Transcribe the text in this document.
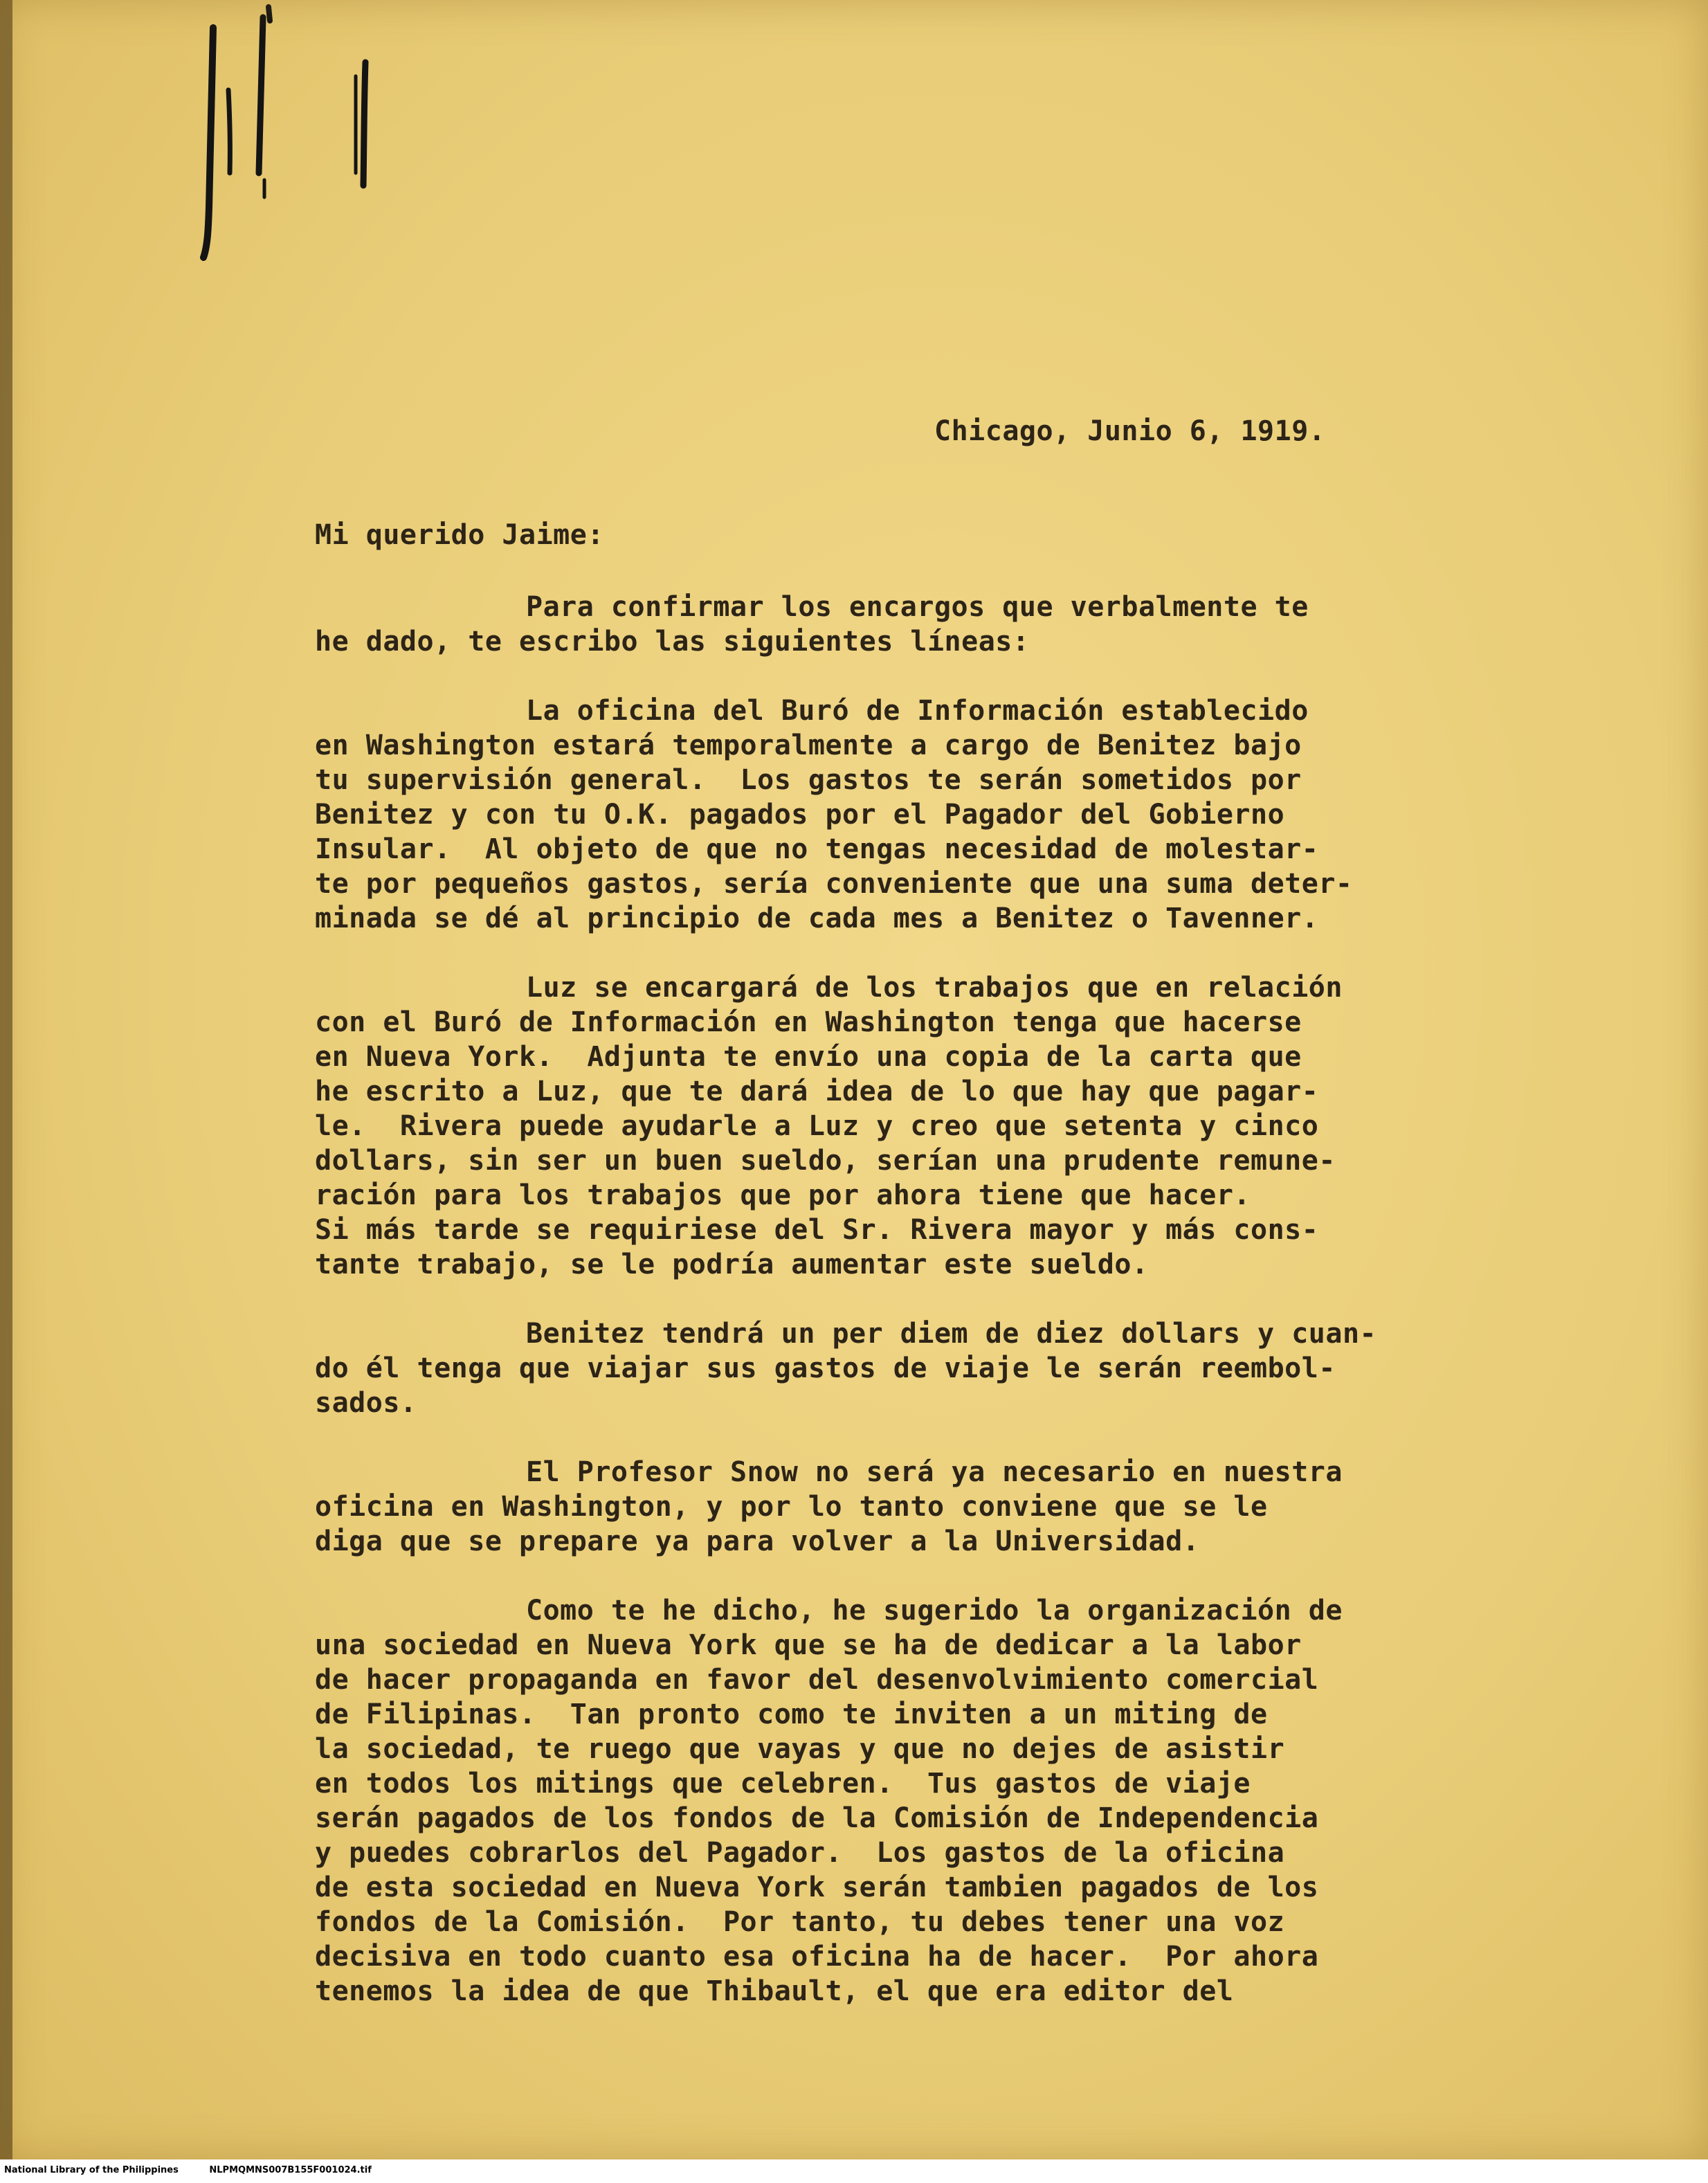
Chicago, Junio 6, 1919.

Mi querido Jaime:

Para confirmar los encargos que verbalmente te
he dado, te escribo las siguientes líneas:
La oficina del Buró de Información establecido
en Washington estará temporalmente a cargo de Benitez bajo
tu supervisión general.  Los gastos te serán sometidos por
Benitez y con tu O.K. pagados por el Pagador del Gobierno
Insular.  Al objeto de que no tengas necesidad de molestar-
te por pequeños gastos, sería conveniente que una suma deter-
minada se dé al principio de cada mes a Benitez o Tavenner.
Luz se encargará de los trabajos que en relación
con el Buró de Información en Washington tenga que hacerse
en Nueva York.  Adjunta te envío una copia de la carta que
he escrito a Luz, que te dará idea de lo que hay que pagar-
le.  Rivera puede ayudarle a Luz y creo que setenta y cinco
dollars, sin ser un buen sueldo, serían una prudente remune-
ración para los trabajos que por ahora tiene que hacer.
Si más tarde se requiriese del Sr. Rivera mayor y más cons-
tante trabajo, se le podría aumentar este sueldo.
Benitez tendrá un per diem de diez dollars y cuan-
do él tenga que viajar sus gastos de viaje le serán reembol-
sados.
El Profesor Snow no será ya necesario en nuestra
oficina en Washington, y por lo tanto conviene que se le
diga que se prepare ya para volver a la Universidad.
Como te he dicho, he sugerido la organización de
una sociedad en Nueva York que se ha de dedicar a la labor
de hacer propaganda en favor del desenvolvimiento comercial
de Filipinas.  Tan pronto como te inviten a un miting de
la sociedad, te ruego que vayas y que no dejes de asistir
en todos los mitings que celebren.  Tus gastos de viaje
serán pagados de los fondos de la Comisión de Independencia
y puedes cobrarlos del Pagador.  Los gastos de la oficina
de esta sociedad en Nueva York serán tambien pagados de los
fondos de la Comisión.  Por tanto, tu debes tener una voz
decisiva en todo cuanto esa oficina ha de hacer.  Por ahora
tenemos la idea de que Thibault, el que era editor del
National Library of the Philippines	NLPMQMNS007B155F001024.tif
